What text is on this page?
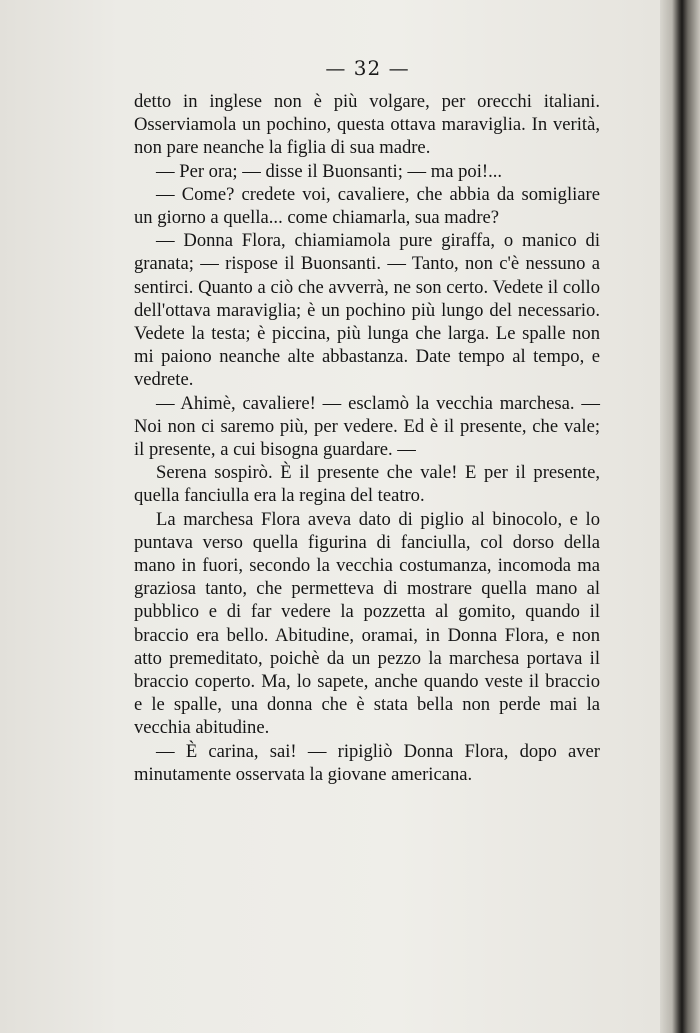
— 32 —

detto in inglese non è più volgare, per orecchi italiani. Osserviamola un pochino, questa ottava maraviglia. In verità, non pare neanche la figlia di sua madre.

— Per ora; — disse il Buonsanti; — ma poi!...

— Come? credete voi, cavaliere, che abbia da somigliare un giorno a quella... come chiamarla, sua madre?

— Donna Flora, chiamiamola pure giraffa, o manico di granata; — rispose il Buonsanti. — Tanto, non c'è nessuno a sentirci. Quanto a ciò che avverrà, ne son certo. Vedete il collo dell'ottava maraviglia; è un pochino più lungo del necessario. Vedete la testa; è piccina, più lunga che larga. Le spalle non mi paiono neanche alte abbastanza. Date tempo al tempo, e vedrete.

— Ahimè, cavaliere! — esclamò la vecchia marchesa. — Noi non ci saremo più, per vedere. Ed è il presente, che vale; il presente, a cui bisogna guardare. —

Serena sospirò. È il presente che vale! E per il presente, quella fanciulla era la regina del teatro.

La marchesa Flora aveva dato di piglio al binocolo, e lo puntava verso quella figurina di fanciulla, col dorso della mano in fuori, secondo la vecchia costumanza, incomoda ma graziosa tanto, che permetteva di mostrare quella mano al pubblico e di far vedere la pozzetta al gomito, quando il braccio era bello. Abitudine, oramai, in Donna Flora, e non atto premeditato, poichè da un pezzo la marchesa portava il braccio coperto. Ma, lo sapete, anche quando veste il braccio e le spalle, una donna che è stata bella non perde mai la vecchia abitudine.

— È carina, sai! — ripigliò Donna Flora, dopo aver minutamente osservata la giovane americana.
